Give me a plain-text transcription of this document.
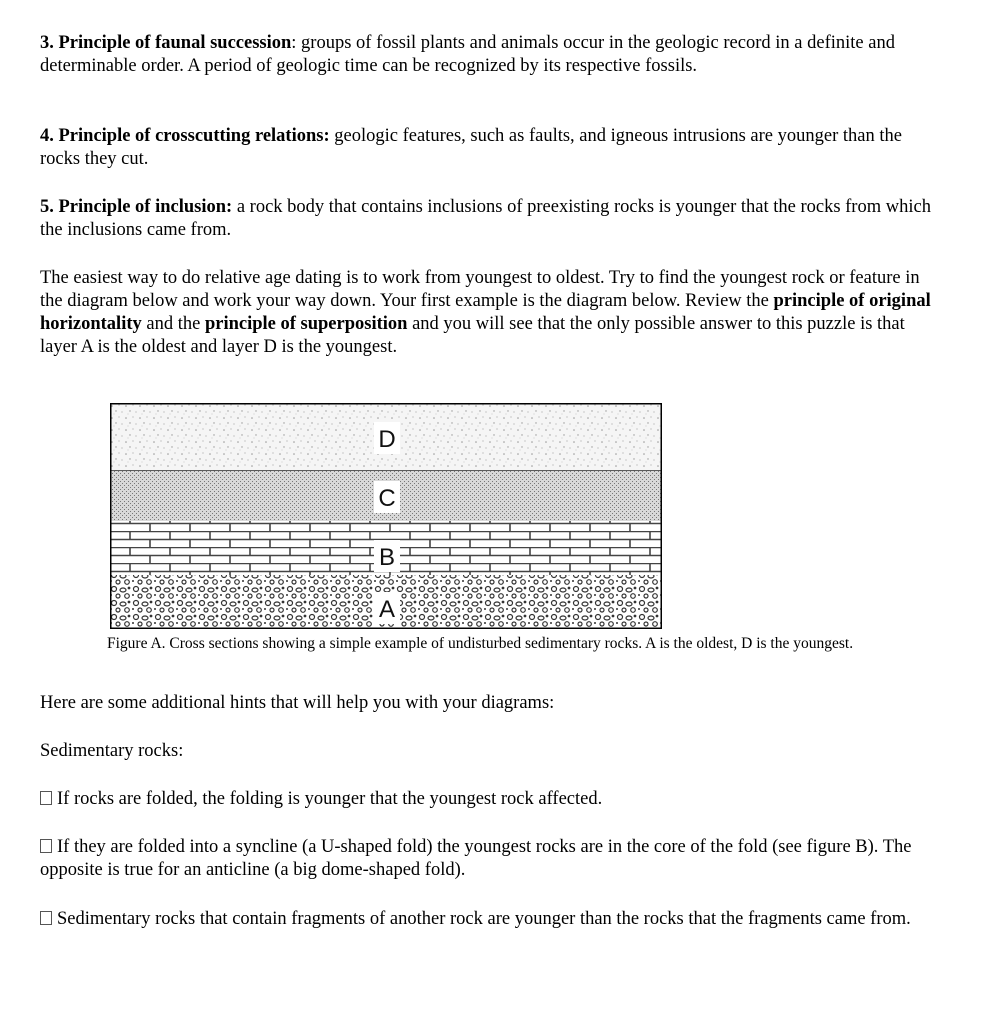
3. Principle of faunal succession: groups of fossil plants and animals occur in the geologic record in a definite and determinable order. A period of geologic time can be recognized by its respective fossils.

4. Principle of crosscutting relations: geologic features, such as faults, and igneous intrusions are younger than the rocks they cut.

5. Principle of inclusion: a rock body that contains inclusions of preexisting rocks is younger that the rocks from which the inclusions came from.

The easiest way to do relative age dating is to work from youngest to oldest. Try to find the youngest rock or feature in the diagram below and work your way down. Your first example is the diagram below. Review the principle of original horizontality and the principle of superposition and you will see that the only possible answer to this puzzle is that layer A is the oldest and layer D is the youngest.

D
C
B
A

Figure A. Cross sections showing a simple example of undisturbed sedimentary rocks. A is the oldest, D is the youngest.

Here are some additional hints that will help you with your diagrams:

Sedimentary rocks:

If rocks are folded, the folding is younger that the youngest rock affected.

If they are folded into a syncline (a U-shaped fold) the youngest rocks are in the core of the fold (see figure B). The opposite is true for an anticline (a big dome-shaped fold).

Sedimentary rocks that contain fragments of another rock are younger than the rocks that the fragments came from.
